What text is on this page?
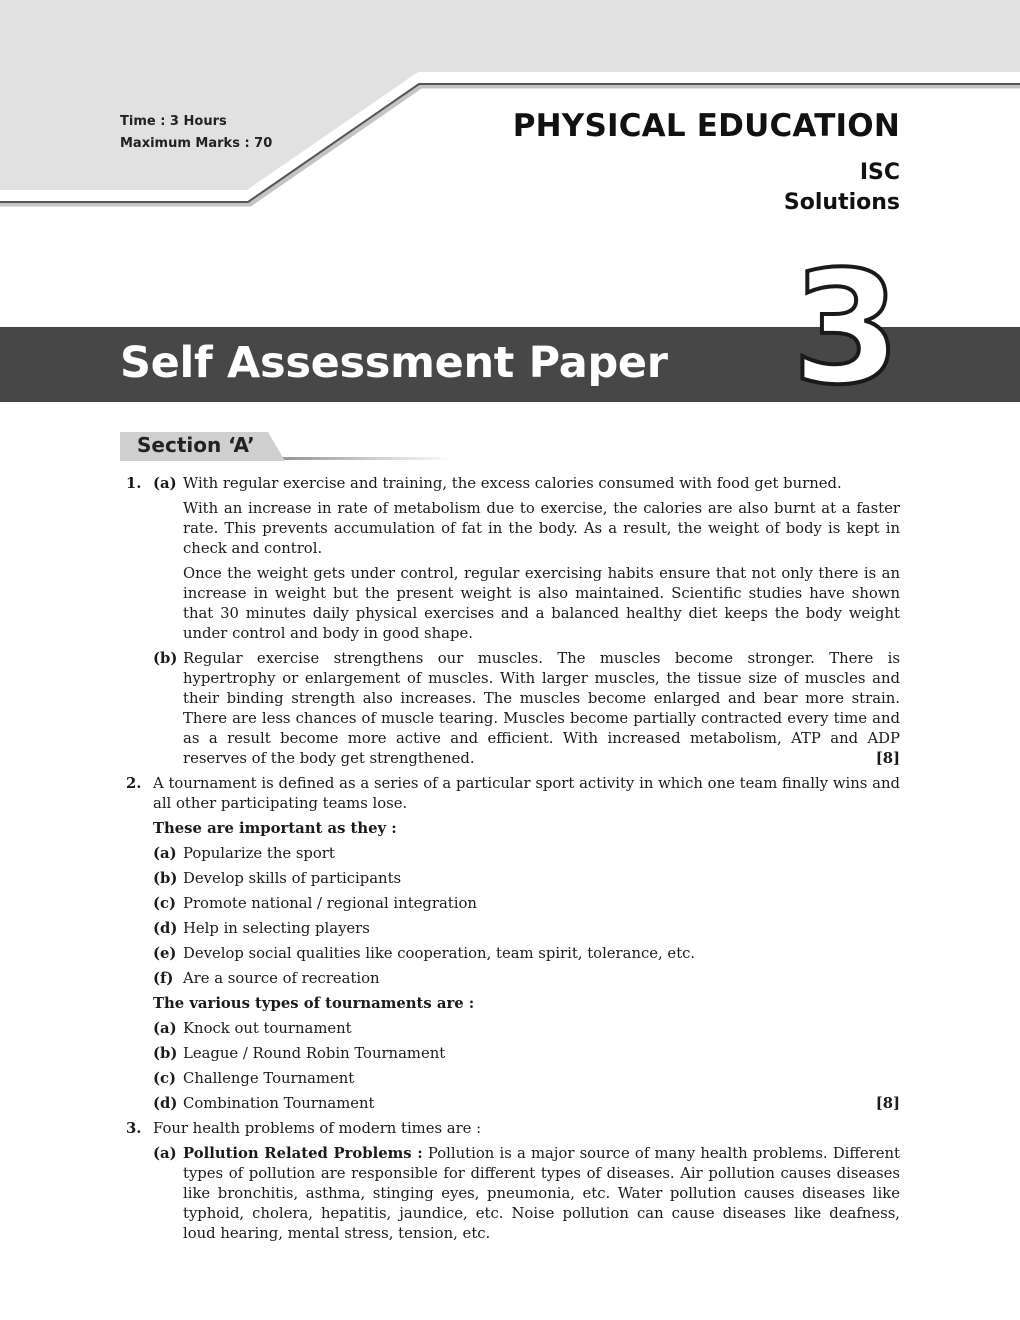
Time : 3 Hours
Maximum Marks : 70	PHYSICAL EDUCATION
ISC
Solutions
Self Assessment Paper 3
Section ‘A’
1. (a) With regular exercise and training, the excess calories consumed with food get burned.

With an increase in rate of metabolism due to exercise, the calories are also burnt at a faster rate. This prevents accumulation of fat in the body. As a result, the weight of body is kept in check and control.

Once the weight gets under control, regular exercising habits ensure that not only there is an increase in weight but the present weight is also maintained. Scientific studies have shown that 30 minutes daily physical exercises and a balanced healthy diet keeps the body weight under control and body in good shape.

(b) Regular exercise strengthens our muscles. The muscles become stronger. There is hypertrophy or enlargement of muscles. With larger muscles, the tissue size of muscles and their binding strength also increases. The muscles become enlarged and bear more strain. There are less chances of muscle tearing. Muscles become partially contracted every time and as a result become more active and efficient. With increased metabolism, ATP and ADP reserves of the body get strengthened.	[8]
2. A tournament is defined as a series of a particular sport activity in which one team finally wins and all other participating teams lose.

These are important as they :

(a) Popularize the sport
(b) Develop skills of participants
(c) Promote national / regional integration
(d) Help in selecting players
(e) Develop social qualities like cooperation, team spirit, tolerance, etc.
(f) Are a source of recreation

The various types of tournaments are :

(a) Knock out tournament
(b) League / Round Robin Tournament
(c) Challenge Tournament
(d) Combination Tournament	[8]
3. Four health problems of modern times are :

(a) Pollution Related Problems : Pollution is a major source of many health problems. Different types of pollution are responsible for different types of diseases. Air pollution causes diseases like bronchitis, asthma, stinging eyes, pneumonia, etc. Water pollution causes diseases like typhoid, cholera, hepatitis, jaundice, etc. Noise pollution can cause diseases like deafness, loud hearing, mental stress, tension, etc.
